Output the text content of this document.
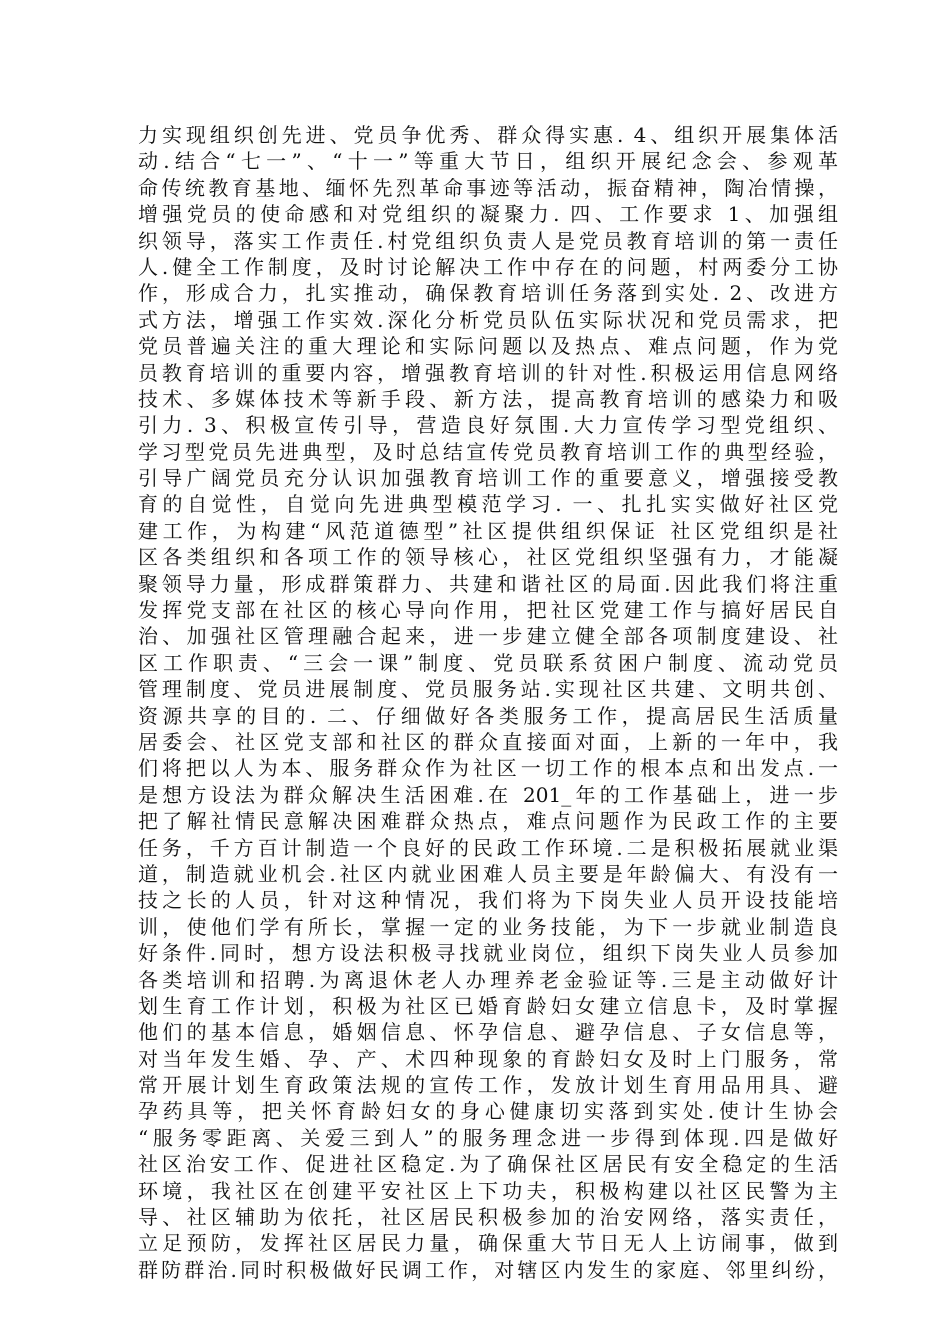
力实现组织创先进、党员争优秀、群众得实惠. 4、组织开展集体活
动.结合“七一”、“十一”等重大节日，组织开展纪念会、参观革
命传统教育基地、缅怀先烈革命事迹等活动，振奋精神，陶冶情操，
增强党员的使命感和对党组织的凝聚力. 四、工作要求 1、加强组
织领导，落实工作责任.村党组织负责人是党员教育培训的第一责任
人.健全工作制度，及时讨论解决工作中存在的问题，村两委分工协
作，形成合力，扎实推动，确保教育培训任务落到实处. 2、改进方
式方法，增强工作实效.深化分析党员队伍实际状况和党员需求，把
党员普遍关注的重大理论和实际问题以及热点、难点问题，作为党
员教育培训的重要内容，增强教育培训的针对性.积极运用信息网络
技术、多媒体技术等新手段、新方法，提高教育培训的感染力和吸
引力. 3、积极宣传引导，营造良好氛围.大力宣传学习型党组织、
学习型党员先进典型，及时总结宣传党员教育培训工作的典型经验，
引导广阔党员充分认识加强教育培训工作的重要意义，增强接受教
育的自觉性，自觉向先进典型模范学习. 一、扎扎实实做好社区党
建工作，为构建“风范道德型”社区提供组织保证 社区党组织是社
区各类组织和各项工作的领导核心，社区党组织坚强有力，才能凝
聚领导力量，形成群策群力、共建和谐社区的局面.因此我们将注重
发挥党支部在社区的核心导向作用，把社区党建工作与搞好居民自
治、加强社区管理融合起来，进一步建立健全部各项制度建设、社
区工作职责、“三会一课”制度、党员联系贫困户制度、流动党员
管理制度、党员进展制度、党员服务站.实现社区共建、文明共创、
资源共享的目的. 二、仔细做好各类服务工作，提高居民生活质量
居委会、社区党支部和社区的群众直接面对面，上新的一年中，我
们将把以人为本、服务群众作为社区一切工作的根本点和出发点.一
是想方设法为群众解决生活困难.在 201_年的工作基础上，进一步
把了解社情民意解决困难群众热点，难点问题作为民政工作的主要
任务，千方百计制造一个良好的民政工作环境.二是积极拓展就业渠
道，制造就业机会.社区内就业困难人员主要是年龄偏大、有没有一
技之长的人员，针对这种情况，我们将为下岗失业人员开设技能培
训，使他们学有所长，掌握一定的业务技能，为下一步就业制造良
好条件.同时，想方设法积极寻找就业岗位，组织下岗失业人员参加
各类培训和招聘.为离退休老人办理养老金验证等.三是主动做好计
划生育工作计划，积极为社区已婚育龄妇女建立信息卡，及时掌握
他们的基本信息，婚姻信息、怀孕信息、避孕信息、子女信息等，
对当年发生婚、孕、产、术四种现象的育龄妇女及时上门服务，常
常开展计划生育政策法规的宣传工作，发放计划生育用品用具、避
孕药具等，把关怀育龄妇女的身心健康切实落到实处.使计生协会
“服务零距离、关爱三到人”的服务理念进一步得到体现.四是做好
社区治安工作、促进社区稳定.为了确保社区居民有安全稳定的生活
环境，我社区在创建平安社区上下功夫，积极构建以社区民警为主
导、社区辅助为依托，社区居民积极参加的治安网络，落实责任，
立足预防，发挥社区居民力量，确保重大节日无人上访闹事，做到
群防群治.同时积极做好民调工作，对辖区内发生的家庭、邻里纠纷，
